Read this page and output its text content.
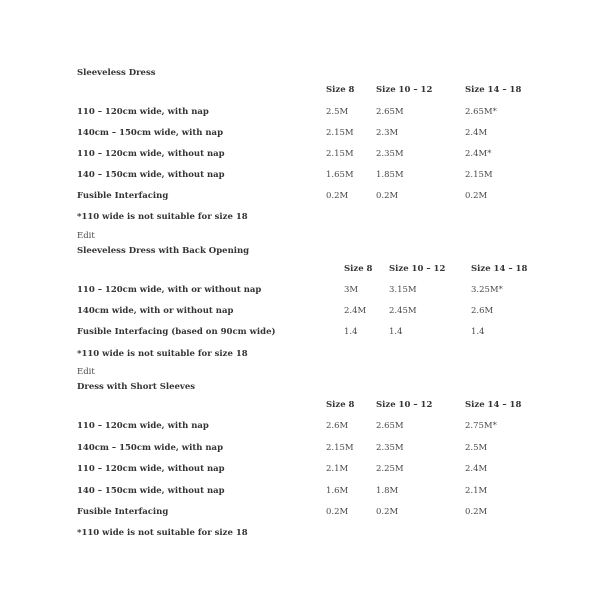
Sleeveless Dress
Size 8	Size 10 – 12	Size 14 – 18
110 – 120cm wide, with nap	2.5M	2.65M	2.65M*
140cm – 150cm wide, with nap	2.15M	2.3M	2.4M
110 – 120cm wide, without nap	2.15M	2.35M	2.4M*
140 – 150cm wide, without nap	1.65M	1.85M	2.15M
Fusible Interfacing	0.2M	0.2M	0.2M
*110 wide is not suitable for size 18
Edit
Sleeveless Dress with Back Opening
Size 8 Size 10 – 12	Size 14 – 18
110 – 120cm wide, with or without nap	3M	3.15M	3.25M*
140cm wide, with or without nap	2.4M	2.45M	2.6M
Fusible Interfacing (based on 90cm wide)	1.4	1.4	1.4
*110 wide is not suitable for size 18
Edit
Dress with Short Sleeves
Size 8	Size 10 – 12	Size 14 – 18
110 – 120cm wide, with nap	2.6M	2.65M	2.75M*
140cm – 150cm wide, with nap	2.15M	2.35M	2.5M
110 – 120cm wide, without nap	2.1M	2.25M	2.4M
140 – 150cm wide, without nap	1.6M	1.8M	2.1M
Fusible Interfacing	0.2M	0.2M	0.2M
*110 wide is not suitable for size 18
